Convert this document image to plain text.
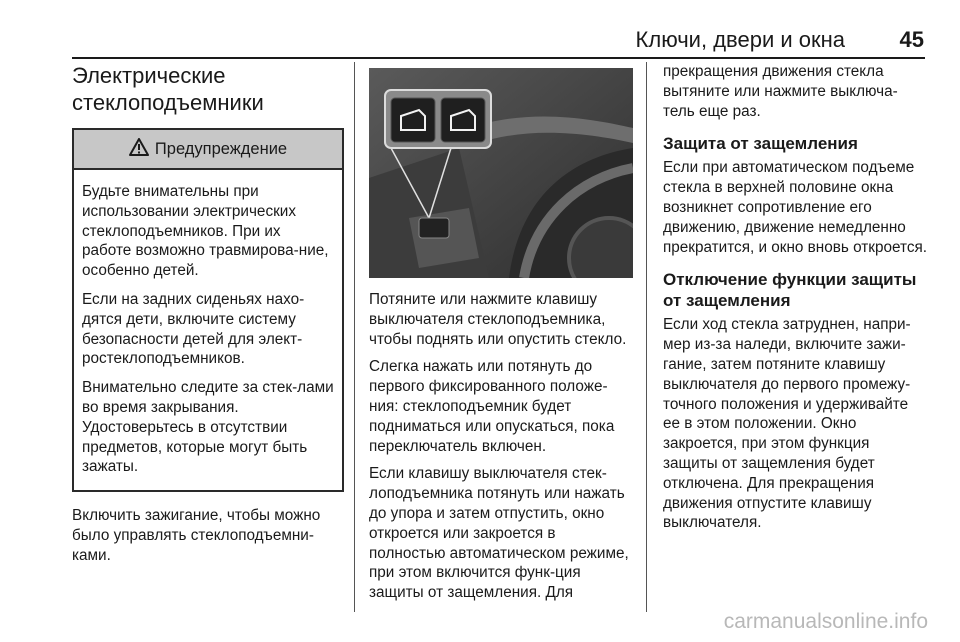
Ключи, двери и окна 45
Электрические
стеклоподъемники
Предупреждение

Будьте внимательны при использовании электрических стеклоподъемников. При их работе возможно травмирова-ние, особенно детей.

Если на задних сиденьях нахо-дятся дети, включите систему безопасности детей для элект-ростеклоподъемников.

Внимательно следите за стек-лами во время закрывания. Удостоверьтесь в отсутствии предметов, которые могут быть зажаты.

Включить зажигание, чтобы можно было управлять стеклоподъемни-ками.

Потяните или нажмите клавишу выключателя стеклоподъемника, чтобы поднять или опустить стекло.

Слегка нажать или потянуть до первого фиксированного положе-ния: стеклоподъемник будет подниматься или опускаться, пока переключатель включен.

Если клавишу выключателя стек-лоподъемника потянуть или нажать до упора и затем отпустить, окно откроется или закроется в полностью автоматическом режиме, при этом включится функ-ция защиты от защемления. Для

прекращения движения стекла вытяните или нажмите выключа-тель еще раз.

Защита от защемления

Если при автоматическом подъеме стекла в верхней половине окна возникнет сопротивление его движению, движение немедленно прекратится, и окно вновь откроется.

Отключение функции защиты от защемления

Если ход стекла затруднен, напри-мер из-за наледи, включите зажи-гание, затем потяните клавишу выключателя до первого промежу-точного положения и удерживайте ее в этом положении. Окно закроется, при этом функция защиты от защемления будет отключена. Для прекращения движения отпустите клавишу выключателя.

carmanualsonline.info
